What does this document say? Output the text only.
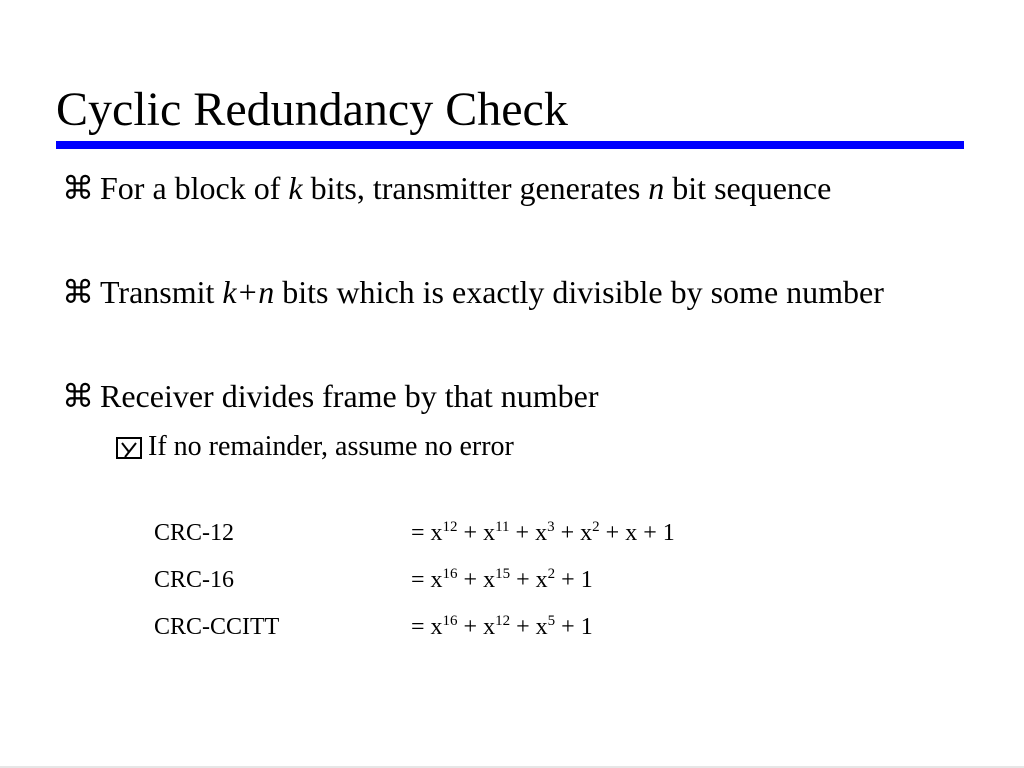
Cyclic Redundancy Check
⌘ For a block of k bits, transmitter generates n bit sequence
⌘ Transmit k+n bits which is exactly divisible by some number
⌘ Receiver divides frame by that number
If no remainder, assume no error
CRC-12	= $x^{12} + x^{11} + x^3 + x^2 + x + 1$
CRC-16	= $x^{16} + x^{15} + x^2 + 1$
CRC-CCITT	= $x^{16} + x^{12} + x^5 + 1$
